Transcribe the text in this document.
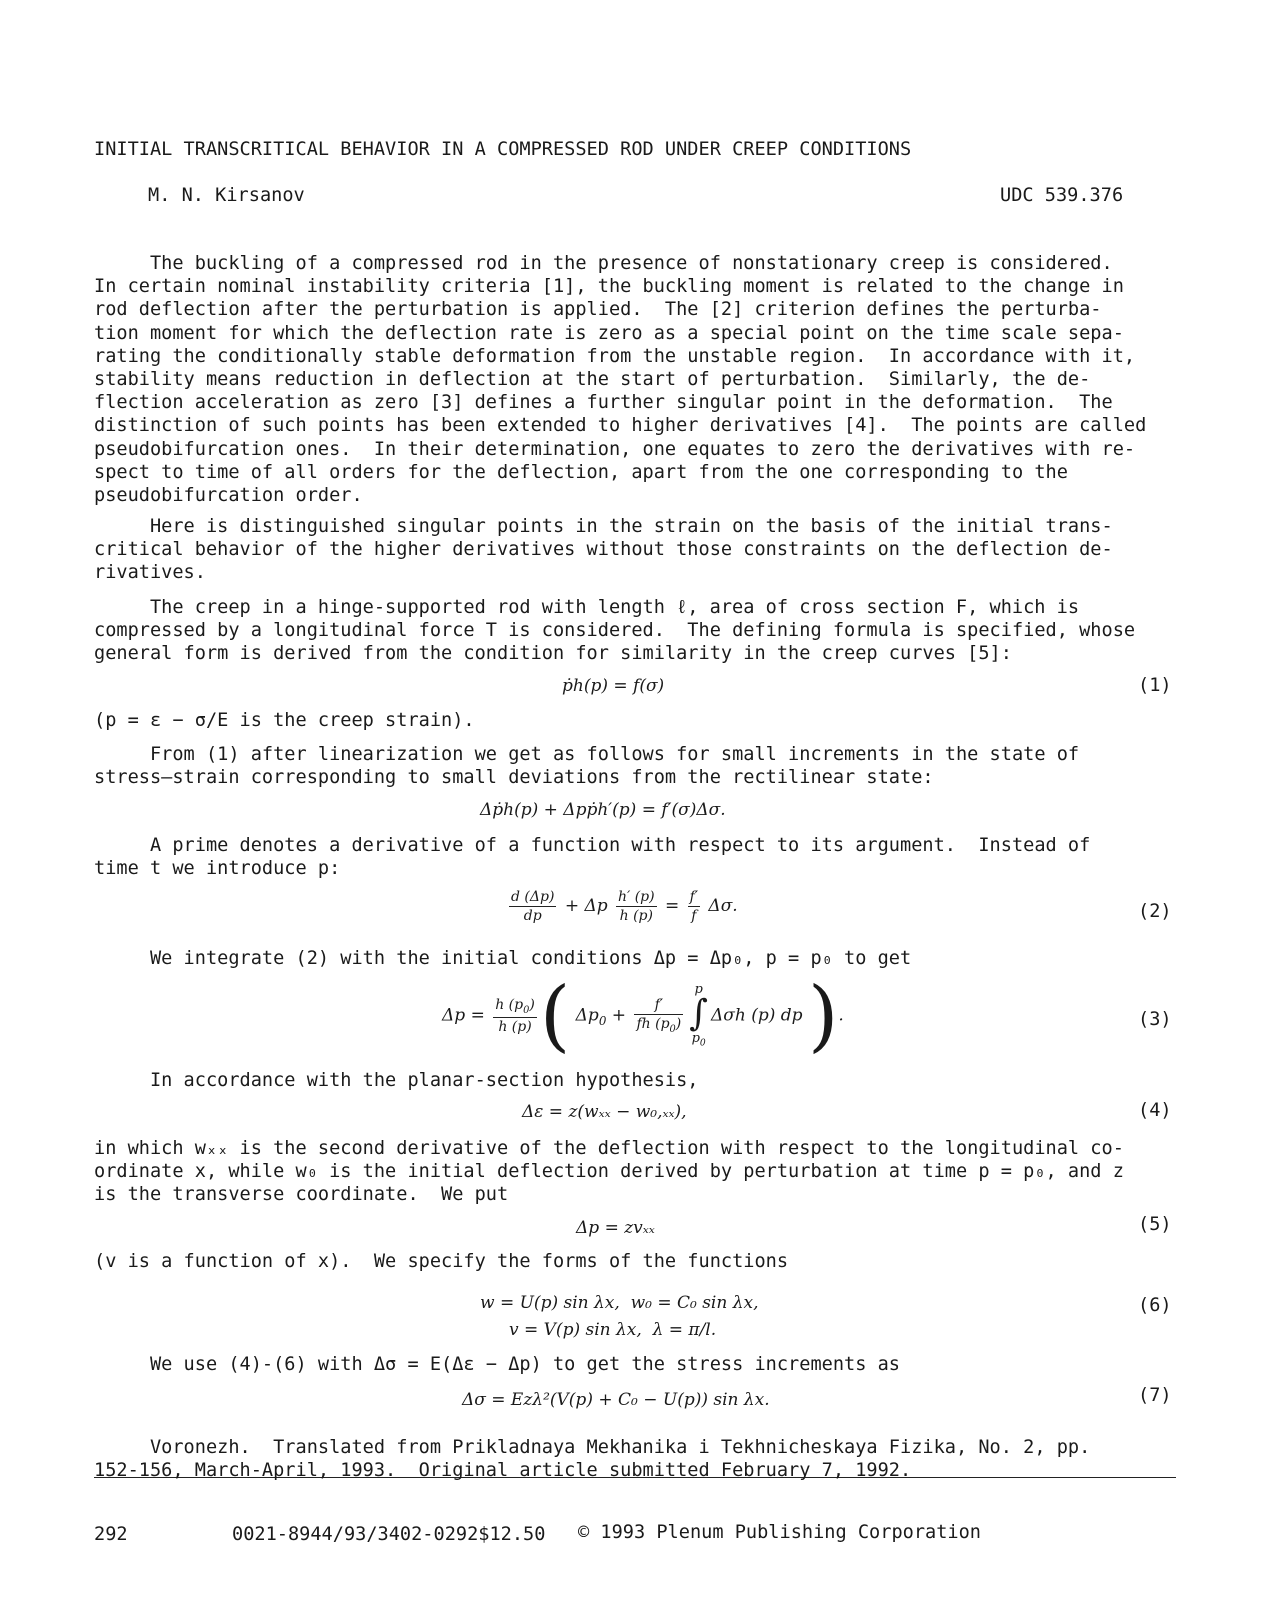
INITIAL TRANSCRITICAL BEHAVIOR IN A COMPRESSED ROD UNDER CREEP CONDITIONS
M. N. Kirsanov	UDC 539.376
The buckling of a compressed rod in the presence of nonstationary creep is considered.
In certain nominal instability criteria [1], the buckling moment is related to the change in
rod deflection after the perturbation is applied.  The [2] criterion defines the perturba-
tion moment for which the deflection rate is zero as a special point on the time scale sepa-
rating the conditionally stable deformation from the unstable region.  In accordance with it,
stability means reduction in deflection at the start of perturbation.  Similarly, the de-
flection acceleration as zero [3] defines a further singular point in the deformation.  The
distinction of such points has been extended to higher derivatives [4].  The points are called
pseudobifurcation ones.  In their determination, one equates to zero the derivatives with re-
spect to time of all orders for the deflection, apart from the one corresponding to the
pseudobifurcation order.
Here is distinguished singular points in the strain on the basis of the initial trans-
critical behavior of the higher derivatives without those constraints on the deflection de-
rivatives.
The creep in a hinge-supported rod with length ℓ, area of cross section F, which is
compressed by a longitudinal force T is considered.  The defining formula is specified, whose
general form is derived from the condition for similarity in the creep curves [5]:
ṗh(p) = f(σ)	(1)
(p = ε − σ/E is the creep strain).
From (1) after linearization we get as follows for small increments in the state of
stress—strain corresponding to small deviations from the rectilinear state:
Δṗh(p) + Δpṗh′(p) = f′(σ)Δσ.
A prime denotes a derivative of a function with respect to its argument.  Instead of
time t we introduce p:
$\frac{d (\Delta p)}{dp} + \Delta p \frac{h' (p)}{h (p)} = \frac{f'}{f} \Delta\sigma$.	(2)
We integrate (2) with the initial conditions Δp = Δp₀, p = p₀ to get
$\Delta p = \frac{h (p_0)}{h (p)}$ ( $\Delta p_0 + \frac{f'}{fh (p_0)}$
p
∫
$p_0$
Δσh (p) dp ).	(3)
In accordance with the planar-section hypothesis,
Δε = z(wₓₓ − w₀,ₓₓ),	(4)
in which wₓₓ is the second derivative of the deflection with respect to the longitudinal co-
ordinate x, while w₀ is the initial deflection derived by perturbation at time p = p₀, and z
is the transverse coordinate.  We put
Δp = zvₓₓ	(5)
(v is a function of x).  We specify the forms of the functions
w = U(p) sin λx,  w₀ = C₀ sin λx,
v = V(p) sin λx,  λ = π/l.
(6)
We use (4)-(6) with Δσ = E(Δε − Δp) to get the stress increments as
Δσ = Ezλ²(V(p) + C₀ − U(p)) sin λx.	(7)
Voronezh.  Translated from Prikladnaya Mekhanika i Tekhnicheskaya Fizika, No. 2, pp.
152-156, March-April, 1993.  Original article submitted February 7, 1992.
292	0021-8944/93/3402-0292$12.50 © 1993 Plenum Publishing Corporation
